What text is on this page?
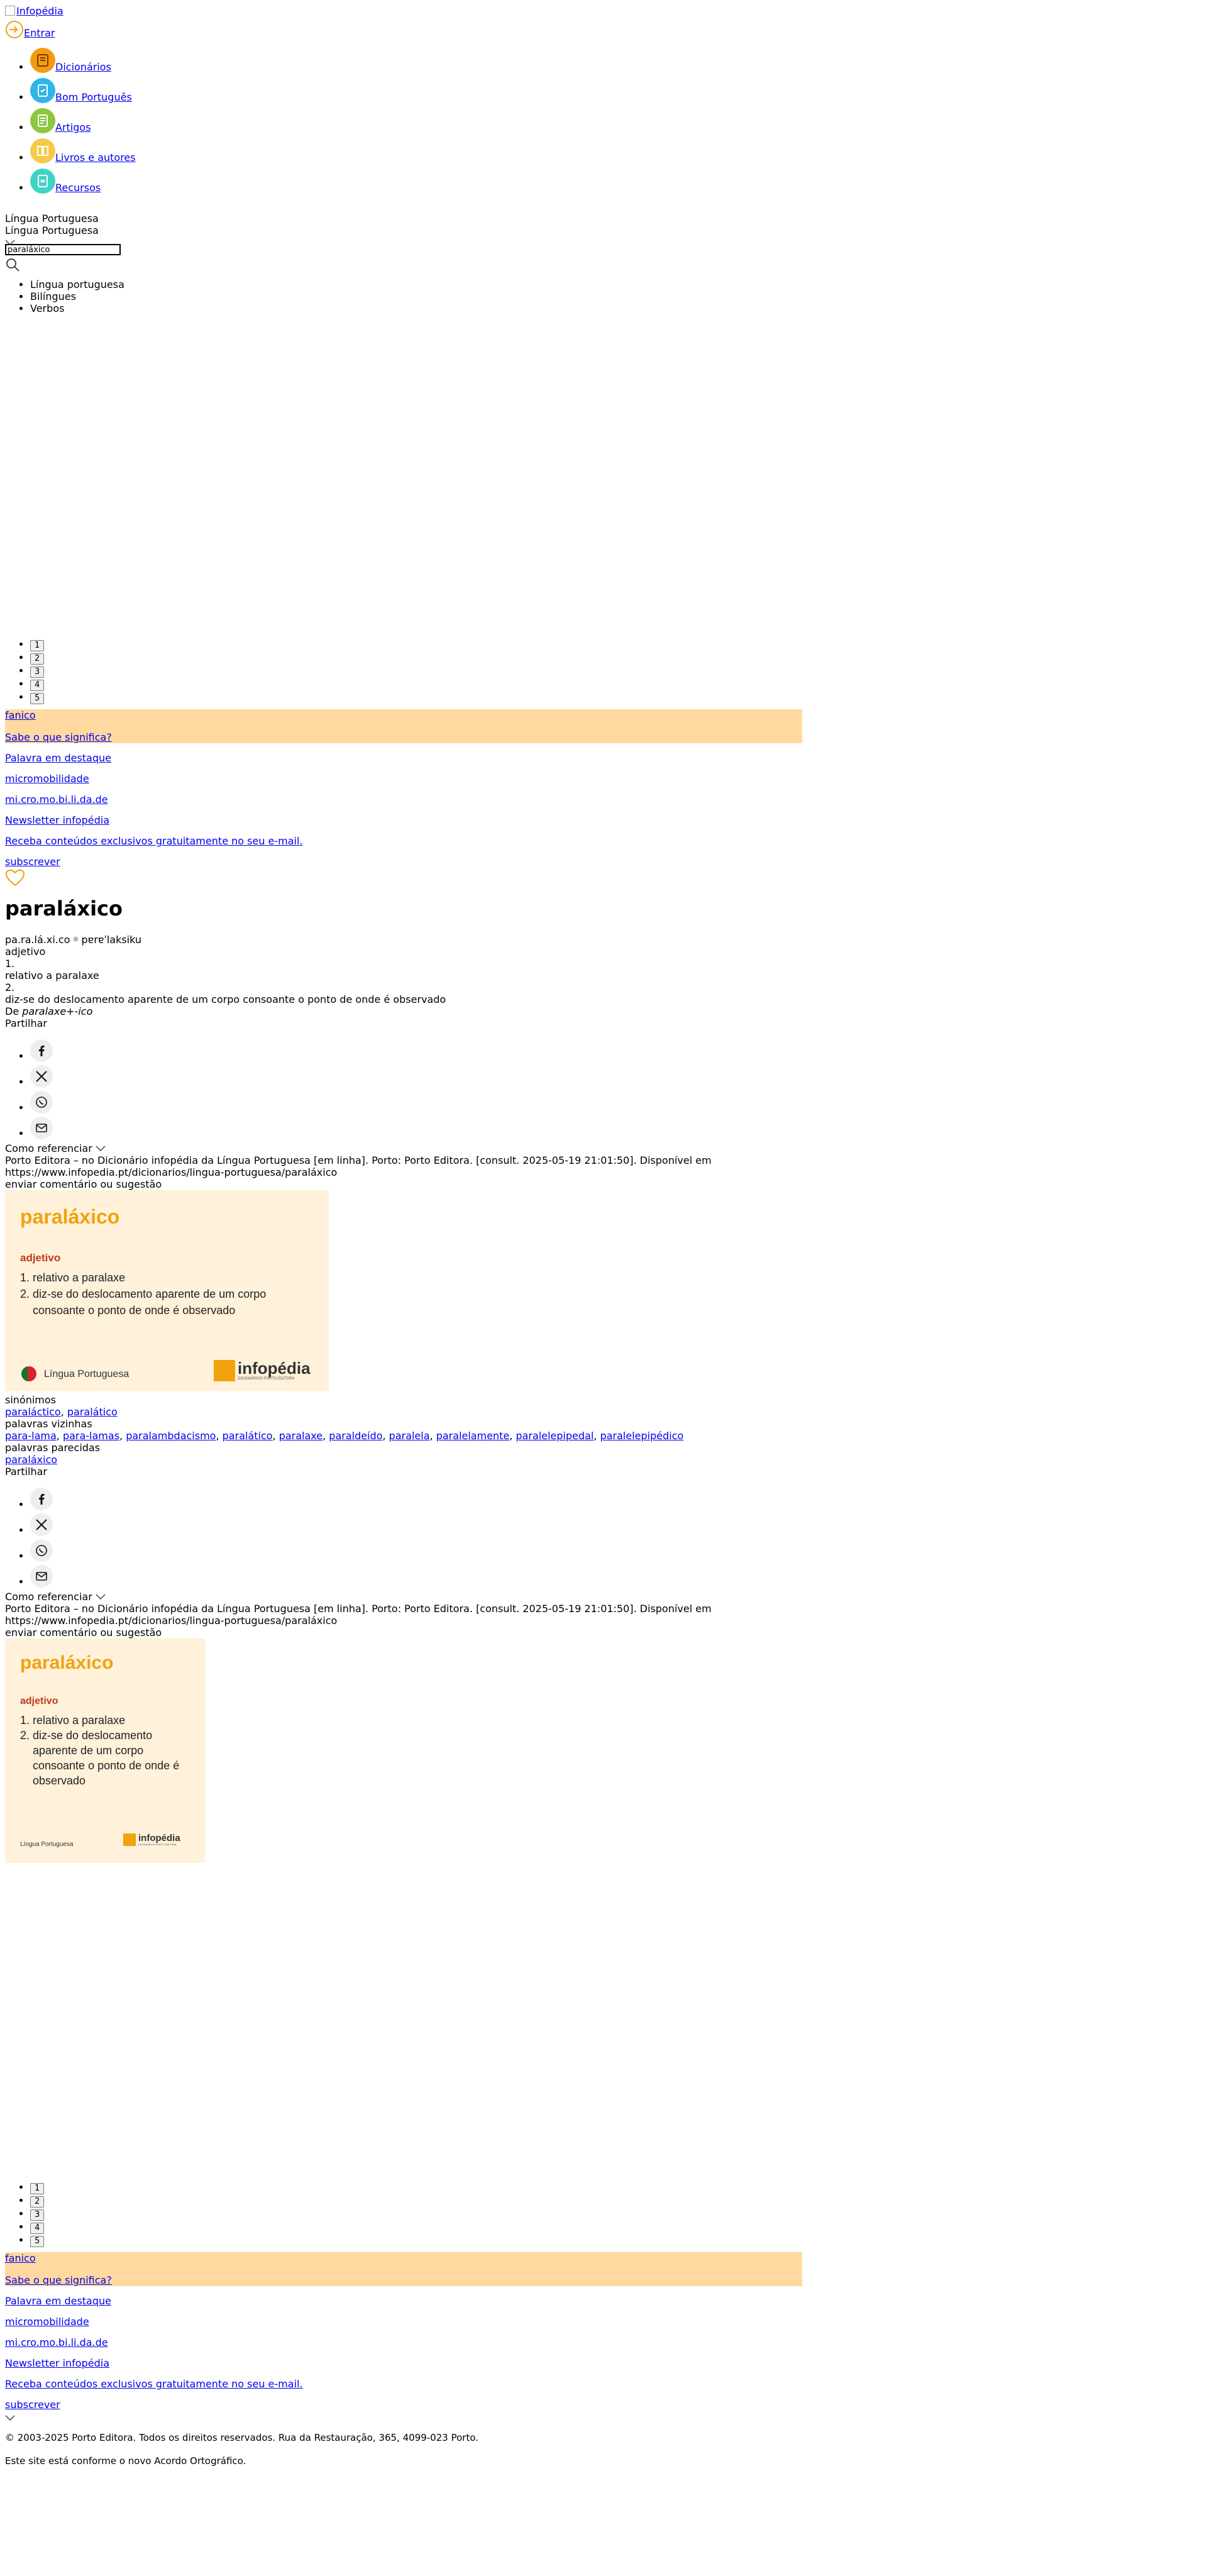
Infopédia
Entrar
• Dicionários
• Bom Português
• Artigos
• Livros e autores
• Recursos
Língua Portuguesa
Língua Portuguesa
paraláxico
• Língua portuguesa
• Bilíngues
• Verbos
• 1
• 2
• 3
• 4
• 5
fanico
Sabe o que significa?
Palavra em destaque
micromobilidade
mi.cro.mo.bi.li.da.de
Newsletter infopédia
Receba conteúdos exclusivos gratuitamente no seu e-mail.
subscrever
paraláxico
pa.ra.lá.xi.co ◎ pɐrɐˈlaksiku
adjetivo
1.
relativo a paralaxe
2.
diz-se do deslocamento aparente de um corpo consoante o ponto de onde é observado
De paralaxe+-ico
Partilhar
•
•
•
•
Como referenciar
Porto Editora – no Dicionário infopédia da Língua Portuguesa [em linha]. Porto: Porto Editora. [consult. 2025-05-19 21:01:50]. Disponível em
https://www.infopedia.pt/dicionarios/lingua-portuguesa/paraláxico
enviar comentário ou sugestão
paraláxico
adjetivo
1. relativo a paralaxe
2. diz-se do deslocamento aparente de um corpo consoante o ponto de onde é observado
Língua Portuguesa	infopédia
DICIONÁRIOS PORTO EDITORA
sinónimos
paraláctico, paralático
palavras vizinhas
para-lama, para-lamas, paralambdacismo, paralático, paralaxe, paraldeído, paralela, paralelamente, paralelepipedal, paralelepipédico
palavras parecidas
paraláxico
Partilhar
•
•
•
•
Como referenciar
Porto Editora – no Dicionário infopédia da Língua Portuguesa [em linha]. Porto: Porto Editora. [consult. 2025-05-19 21:01:50]. Disponível em
https://www.infopedia.pt/dicionarios/lingua-portuguesa/paraláxico
enviar comentário ou sugestão
paraláxico
adjetivo
1. relativo a paralaxe
2. diz-se do deslocamento aparente de um corpo consoante o ponto de onde é observado
Língua Portuguesa
infopédia
DICIONÁRIOS PORTO EDITORA
• 1
• 2
• 3
• 4
• 5
fanico
Sabe o que significa?
Palavra em destaque
micromobilidade
mi.cro.mo.bi.li.da.de
Newsletter infopédia
Receba conteúdos exclusivos gratuitamente no seu e-mail.
subscrever

© 2003-2025 Porto Editora. Todos os direitos reservados. Rua da Restauração, 365, 4099-023 Porto.

Este site está conforme o novo Acordo Ortográfico.
